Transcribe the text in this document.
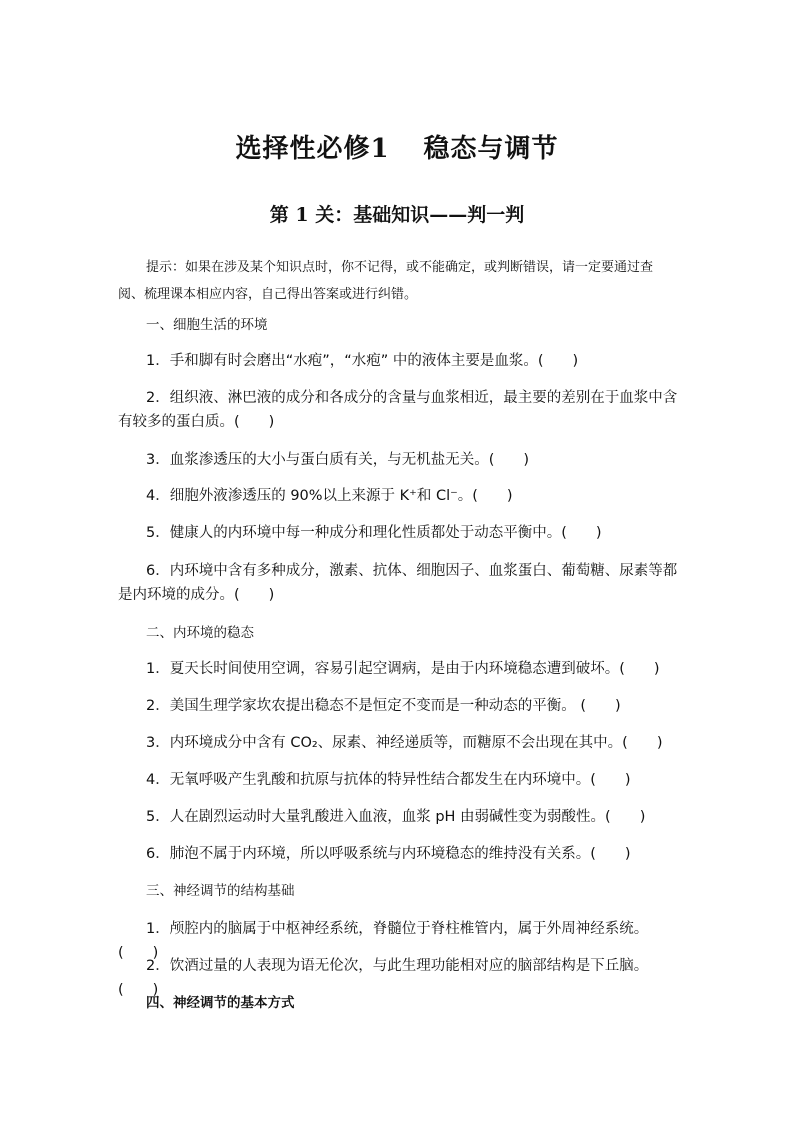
选择性必修1 稳态与调节
第 1 关：基础知识——判一判
提示：如果在涉及某个知识点时，你不记得，或不能确定，或判断错误，请一定要通过查阅、梳理课本相应内容，自己得出答案或进行纠错。
一、细胞生活的环境
1．手和脚有时会磨出“水疱”，“水疱” 中的液体主要是血浆。(　　)
2．组织液、淋巴液的成分和各成分的含量与血浆相近，最主要的差别在于血浆中含有较多的蛋白质。(　　)
3．血浆渗透压的大小与蛋白质有关，与无机盐无关。(　　)
4．细胞外液渗透压的 90%以上来源于 K⁺和 Cl⁻。(　　)
5．健康人的内环境中每一种成分和理化性质都处于动态平衡中。(　　)
6．内环境中含有多种成分，激素、抗体、细胞因子、血浆蛋白、葡萄糖、尿素等都是内环境的成分。(　　)
二、内环境的稳态
1．夏天长时间使用空调，容易引起空调病，是由于内环境稳态遭到破坏。(　　)
2．美国生理学家坎农提出稳态不是恒定不变而是一种动态的平衡。 (　　)
3．内环境成分中含有 CO₂、尿素、神经递质等，而糖原不会出现在其中。(　　)
4．无氧呼吸产生乳酸和抗原与抗体的特异性结合都发生在内环境中。(　　)
5．人在剧烈运动时大量乳酸进入血液，血浆 pH 由弱碱性变为弱酸性。(　　)
6．肺泡不属于内环境，所以呼吸系统与内环境稳态的维持没有关系。(　　)
三、神经调节的结构基础
1．颅腔内的脑属于中枢神经系统，脊髓位于脊柱椎管内，属于外周神经系统。(　　)
2．饮酒过量的人表现为语无伦次，与此生理功能相对应的脑部结构是下丘脑。(　　)
四、神经调节的基本方式
